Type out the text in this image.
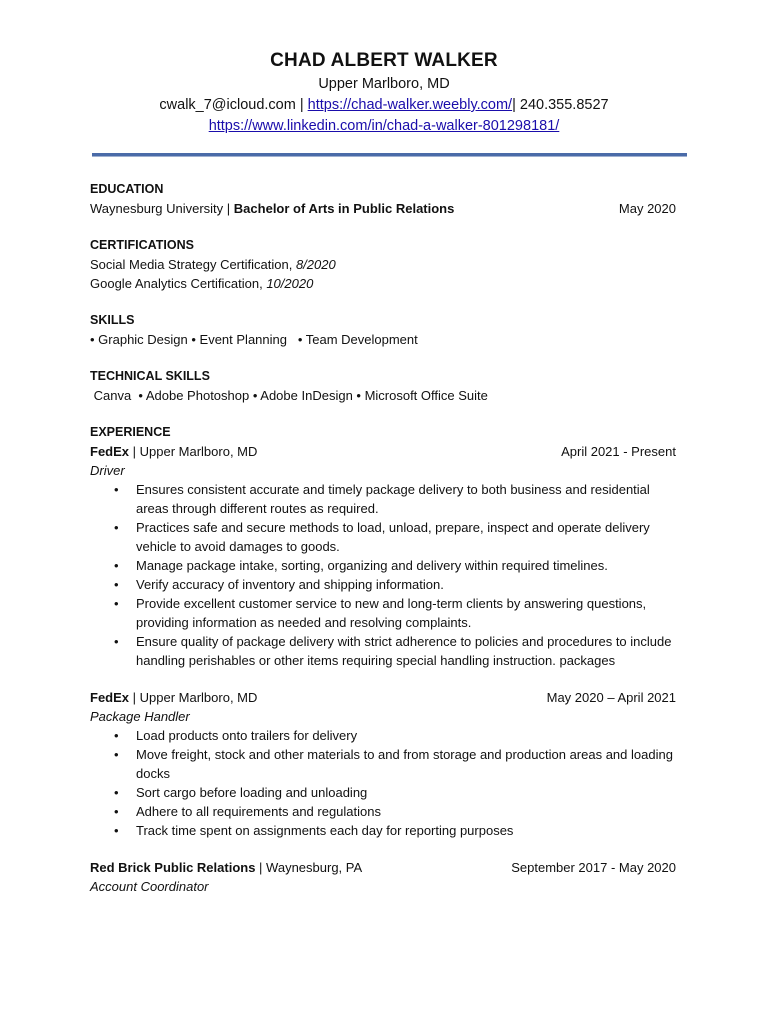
CHAD ALBERT WALKER
Upper Marlboro, MD
cwalk_7@icloud.com | https://chad-walker.weebly.com/| 240.355.8527
https://www.linkedin.com/in/chad-a-walker-801298181/
EDUCATION
Waynesburg University | Bachelor of Arts in Public Relations	May 2020
CERTIFICATIONS
Social Media Strategy Certification, 8/2020
Google Analytics Certification, 10/2020
SKILLS
• Graphic Design • Event Planning   • Team Development
TECHNICAL SKILLS
Canva  • Adobe Photoshop • Adobe InDesign • Microsoft Office Suite
EXPERIENCE
FedEx | Upper Marlboro, MD	April 2021 - Present
Driver
• Ensures consistent accurate and timely package delivery to both business and residential areas through different routes as required.
• Practices safe and secure methods to load, unload, prepare, inspect and operate delivery vehicle to avoid damages to goods.
• Manage package intake, sorting, organizing and delivery within required timelines.
• Verify accuracy of inventory and shipping information.
• Provide excellent customer service to new and long-term clients by answering questions, providing information as needed and resolving complaints.
• Ensure quality of package delivery with strict adherence to policies and procedures to include handling perishables or other items requiring special handling instruction. packages
FedEx | Upper Marlboro, MD	May 2020 – April 2021
Package Handler
• Load products onto trailers for delivery
• Move freight, stock and other materials to and from storage and production areas and loading docks
• Sort cargo before loading and unloading
• Adhere to all requirements and regulations
• Track time spent on assignments each day for reporting purposes
Red Brick Public Relations | Waynesburg, PA	September 2017 - May 2020
Account Coordinator
